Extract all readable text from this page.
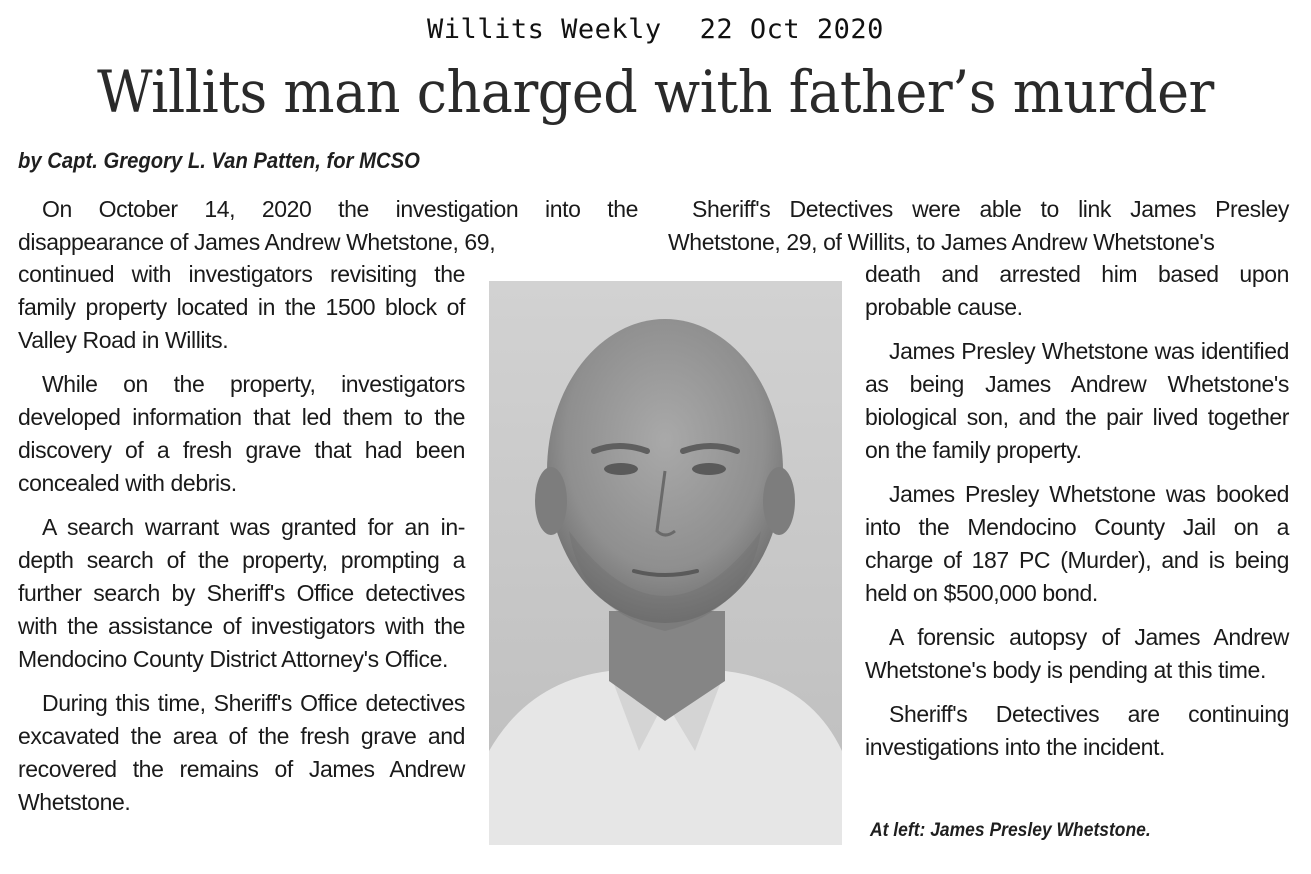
Willits Weekly 22 Oct 2020
Willits man charged with father’s murder
by Capt. Gregory L. Van Patten, for MCSO

On October 14, 2020 the investigation into the disappearance of James Andrew Whetstone, 69,

continued with investigators revisiting the family property located in the 1500 block of Valley Road in Willits.

While on the property, investigators developed information that led them to the discovery of a fresh grave that had been concealed with debris.

A search warrant was granted for an in-depth search of the property, prompting a further search by Sheriff's Office detectives with the assistance of investigators with the Mendocino County District Attorney's Office.

During this time, Sheriff's Office detectives excavated the area of the fresh grave and recovered the remains of James Andrew Whetstone.

Sheriff's Detectives were able to link James Presley Whetstone, 29, of Willits, to James Andrew Whetstone's

death and arrested him based upon probable cause.

James Presley Whetstone was identified as being James Andrew Whetstone's biological son, and the pair lived together on the family property.

James Presley Whetstone was booked into the Mendocino County Jail on a charge of 187 PC (Murder), and is being held on $500,000 bond.

A forensic autopsy of James Andrew Whetstone's body is pending at this time.

Sheriff's Detectives are continuing investigations into the incident.

At left: James Presley Whetstone.
